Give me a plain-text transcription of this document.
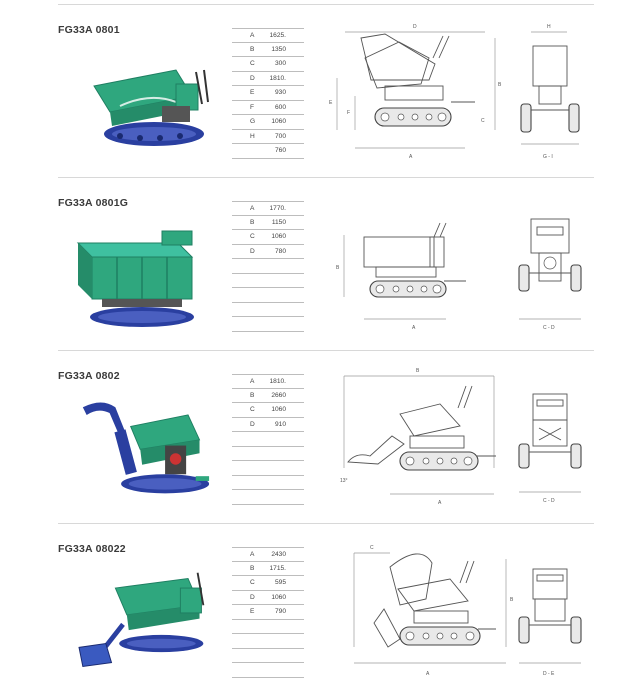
FG33A 0801	A 1625.
B	1350
C	300
D 1810.
E	930
F	600
G 1060
H	700
760
D
E
F
B
C
A
H
G - I
FG33A 0801G	A 1770.
B	1150
C	1060
D	780
B
A	C - D
FG33A 0802	A 1810.
B	2660
C	1060
D	910
B
13°
A	C - D
FG33A 08022	A	2430
B 1715.
C	595
D	1060
E	790
C
B
A	D - E
